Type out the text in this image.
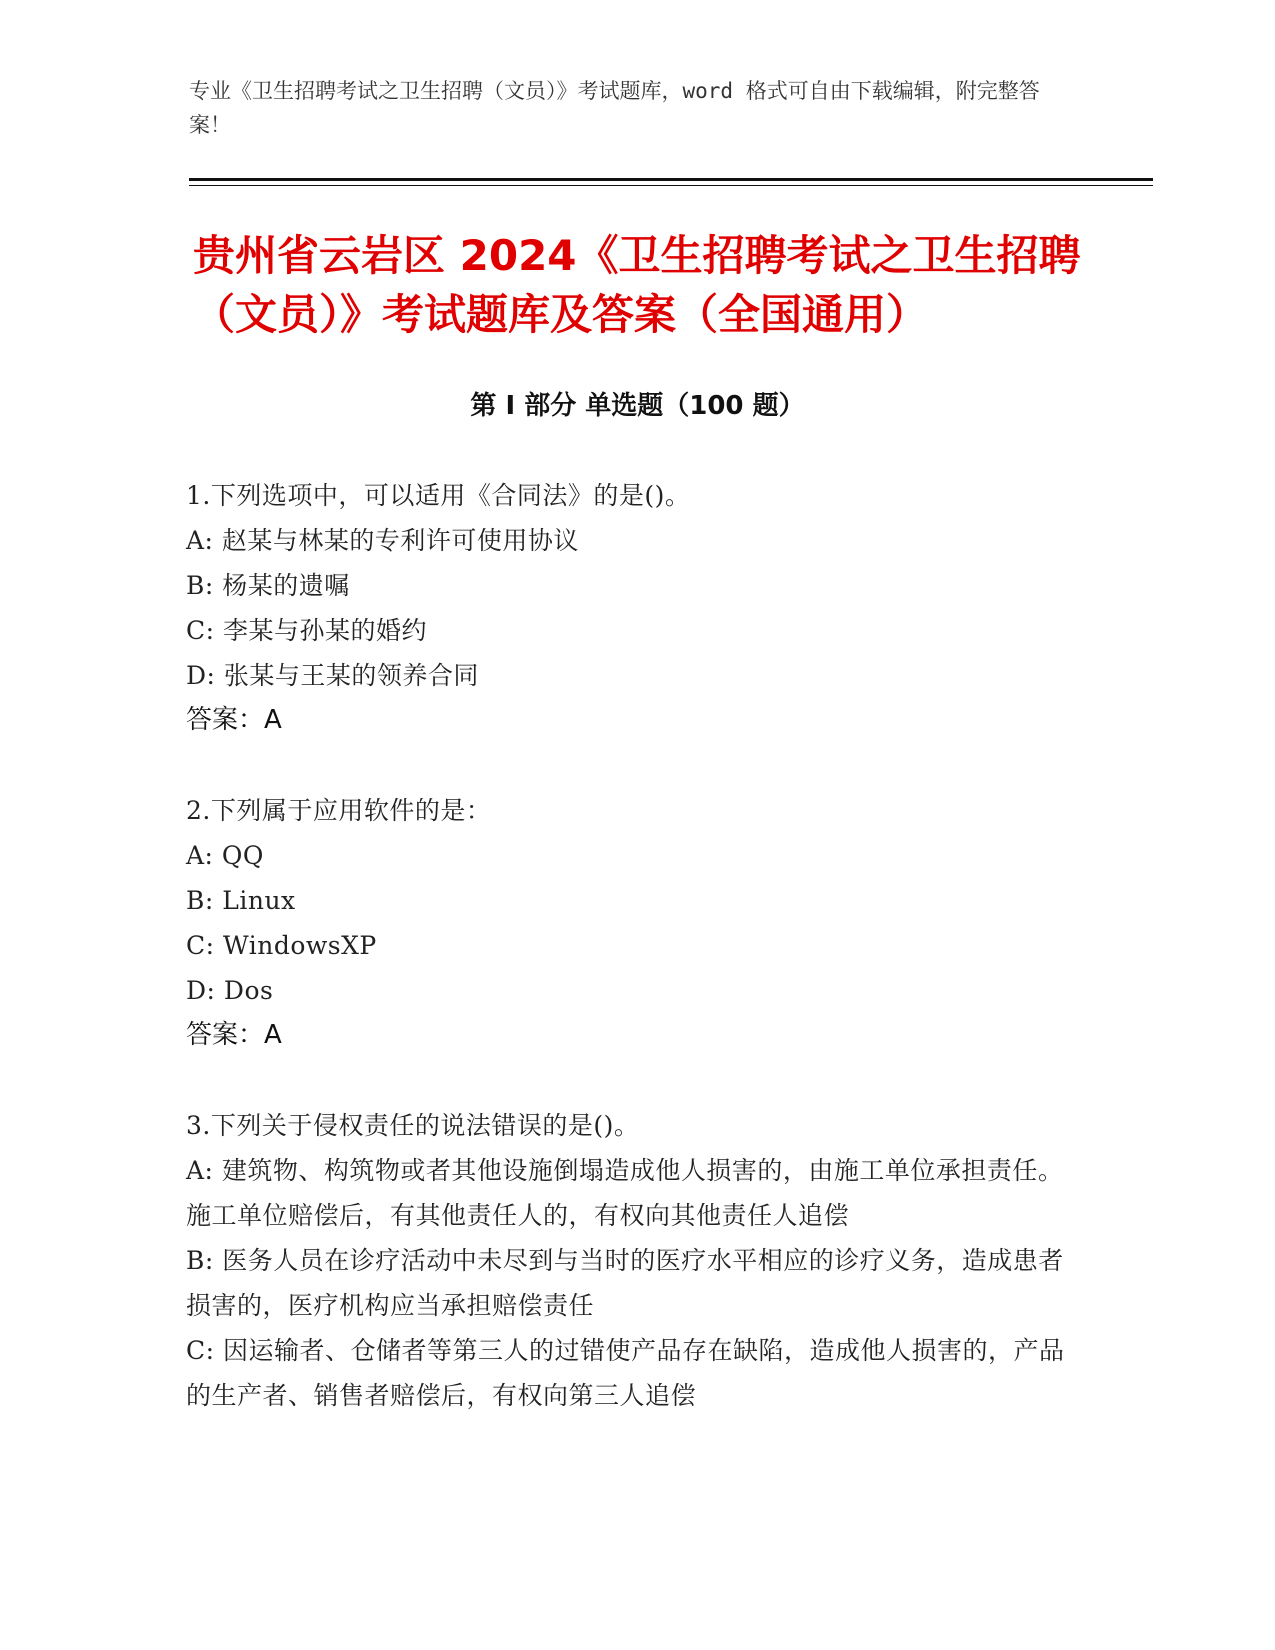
专业《卫生招聘考试之卫生招聘（文员）》考试题库，word 格式可自由下载编辑，附完整答案！
贵州省云岩区 2024《卫生招聘考试之卫生招聘（文员）》考试题库及答案（全国通用）
第 I 部分 单选题（100 题）
1.下列选项中，可以适用《合同法》的是()。
A: 赵某与林某的专利许可使用协议
B: 杨某的遗嘱
C: 李某与孙某的婚约
D: 张某与王某的领养合同
答案：A
2.下列属于应用软件的是：
A: QQ
B: Linux
C: WindowsXP
D: Dos
答案：A
3.下列关于侵权责任的说法错误的是()。
A: 建筑物、构筑物或者其他设施倒塌造成他人损害的，由施工单位承担责任。施工单位赔偿后，有其他责任人的，有权向其他责任人追偿
B: 医务人员在诊疗活动中未尽到与当时的医疗水平相应的诊疗义务，造成患者损害的，医疗机构应当承担赔偿责任
C: 因运输者、仓储者等第三人的过错使产品存在缺陷，造成他人损害的，产品的生产者、销售者赔偿后，有权向第三人追偿
